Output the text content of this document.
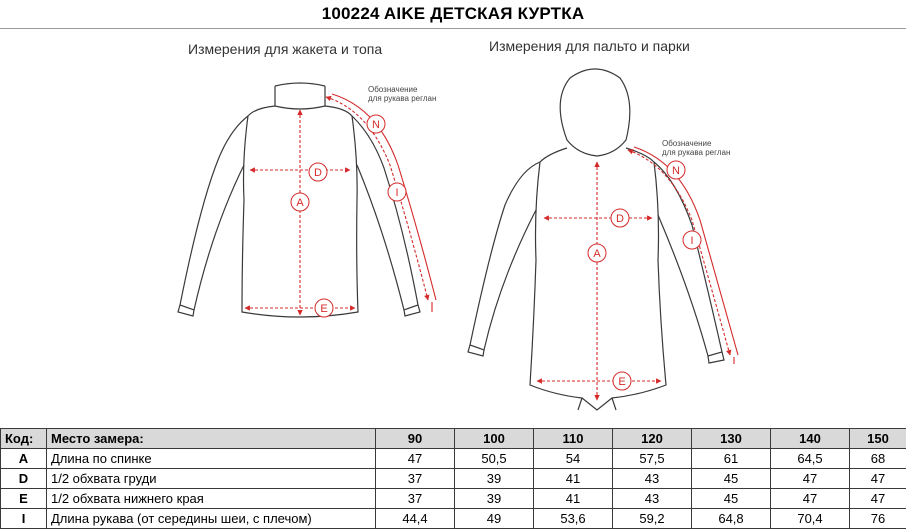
100224 AIKE ДЕТСКАЯ КУРТКА
Измерения для жакета и топа	Измерения для пальто и парки
Обозначение
для рукава реглан
Обозначение
для рукава реглан
A
D
E
N
I
A
D
E
N
I
Код:	Место замера:	90	100	110	120	130	140	150
A	Длина по спинке	47	50,5	54	57,5	61	64,5	68
D	1/2 обхвата груди	37	39	41	43	45	47	47
E	1/2 обхвата нижнего края	37	39	41	43	45	47	47
I	Длина рукава (от середины шеи, с плечом)	44,4	49	53,6	59,2	64,8	70,4	76
